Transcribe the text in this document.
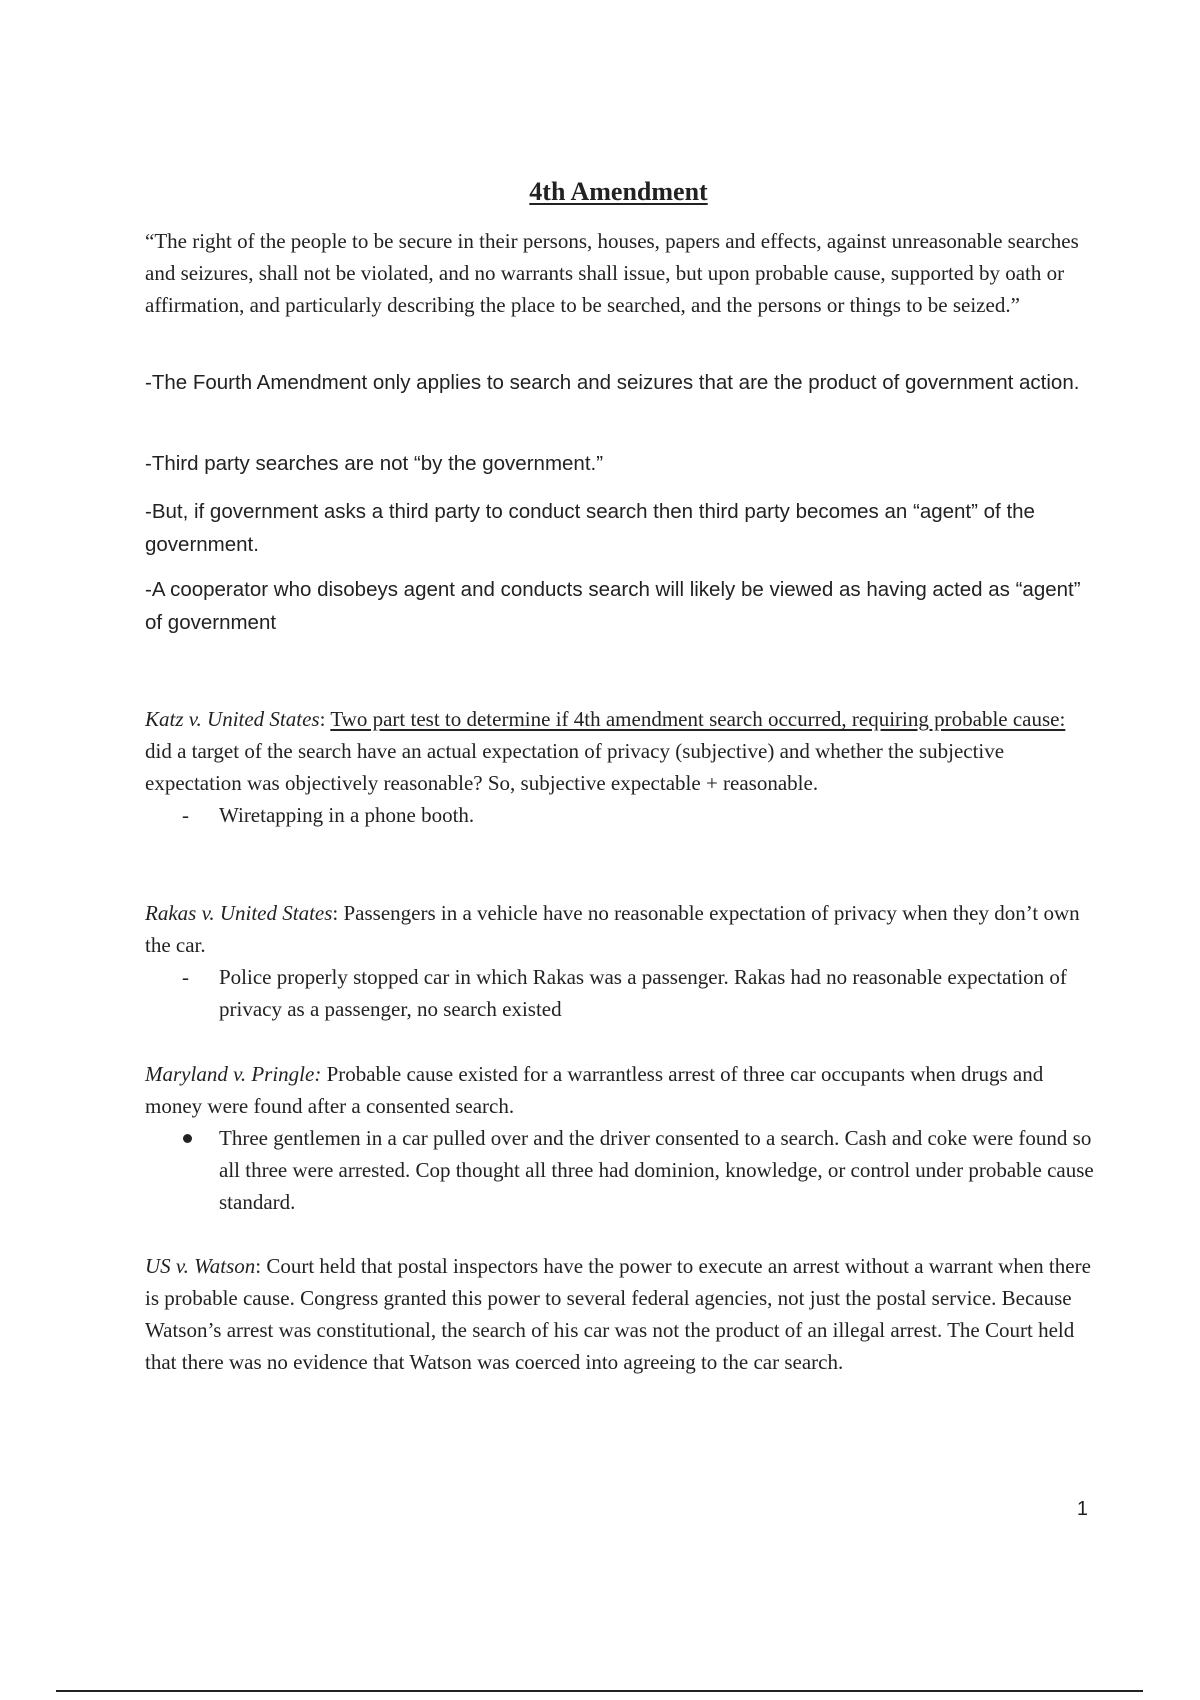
4th Amendment

“The right of the people to be secure in their persons, houses, papers and effects, against unreasonable searches and seizures, shall not be violated, and no warrants shall issue, but upon probable cause, supported by oath or affirmation, and particularly describing the place to be searched, and the persons or things to be seized.”

-The Fourth Amendment only applies to search and seizures that are the product of government action.

-Third party searches are not “by the government.”

-But, if government asks a third party to conduct search then third party becomes an “agent” of the government.

-A cooperator who disobeys agent and conducts search will likely be viewed as having acted as “agent” of government

Katz v. United States: Two part test to determine if 4th amendment search occurred, requiring probable cause: did a target of the search have an actual expectation of privacy (subjective) and whether the subjective expectation was objectively reasonable? So, subjective expectable + reasonable.

- Wiretapping in a phone booth.

Rakas v. United States: Passengers in a vehicle have no reasonable expectation of privacy when they don’t own the car.

- Police properly stopped car in which Rakas was a passenger. Rakas had no reasonable expectation of privacy as a passenger, no search existed

Maryland v. Pringle: Probable cause existed for a warrantless arrest of three car occupants when drugs and money were found after a consented search.

Three gentlemen in a car pulled over and the driver consented to a search. Cash and coke were found so all three were arrested. Cop thought all three had dominion, knowledge, or control under probable cause standard.

US v. Watson: Court held that postal inspectors have the power to execute an arrest without a warrant when there is probable cause. Congress granted this power to several federal agencies, not just the postal service. Because Watson’s arrest was constitutional, the search of his car was not the product of an illegal arrest. The Court held that there was no evidence that Watson was coerced into agreeing to the car search.

1
